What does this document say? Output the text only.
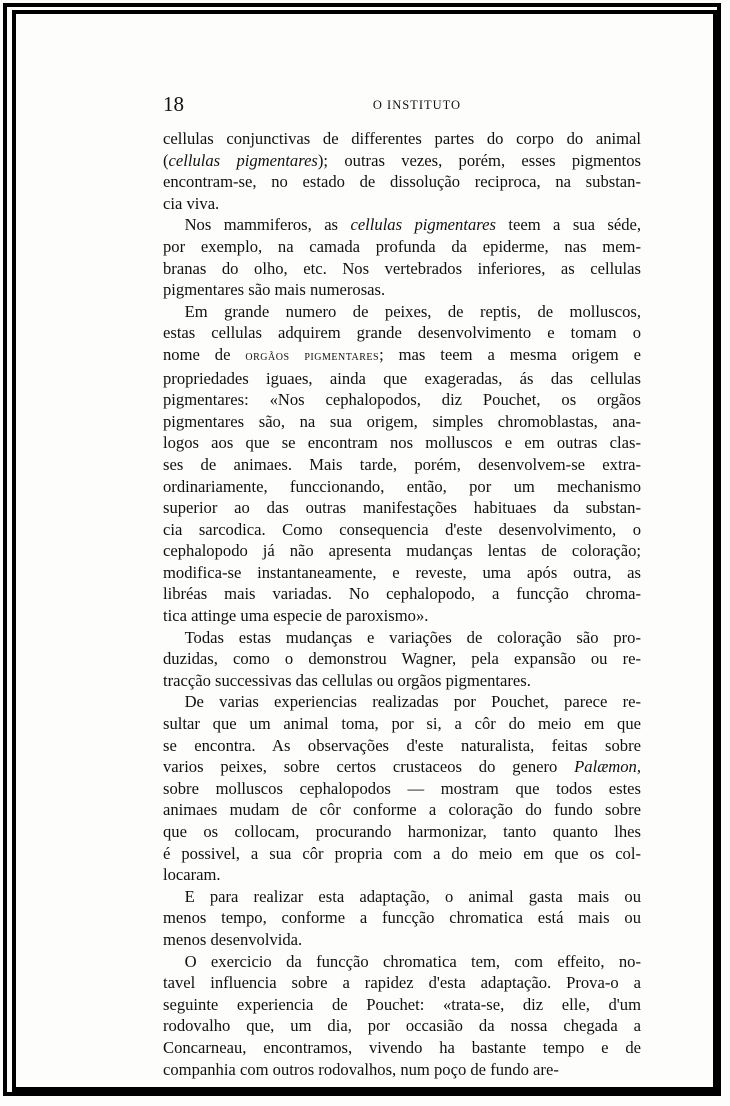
18	O INSTITUTO

cellulas conjunctivas de differentes partes do corpo do animal
(cellulas pigmentares); outras vezes, porém, esses pigmentos
encontram-se, no estado de dissolução reciproca, na substan-
cia viva.

Nos mammiferos, as cellulas pigmentares teem a sua séde,
por exemplo, na camada profunda da epiderme, nas mem-
branas do olho, etc. Nos vertebrados inferiores, as cellulas
pigmentares são mais numerosas.

Em grande numero de peixes, de reptis, de molluscos,
estas cellulas adquirem grande desenvolvimento e tomam o
nome de orgãos pigmentares; mas teem a mesma origem e
propriedades iguaes, ainda que exageradas, ás das cellulas
pigmentares: «Nos cephalopodos, diz Pouchet, os orgãos
pigmentares são, na sua origem, simples chromoblastas, ana-
logos aos que se encontram nos molluscos e em outras clas-
ses de animaes. Mais tarde, porém, desenvolvem-se extra-
ordinariamente, funccionando, então, por um mechanismo
superior ao das outras manifestações habituaes da substan-
cia sarcodica. Como consequencia d'este desenvolvimento, o
cephalopodo já não apresenta mudanças lentas de coloração;
modifica-se instantaneamente, e reveste, uma após outra, as
libréas mais variadas. No cephalopodo, a funcção chroma-
tica attinge uma especie de paroxismo».

Todas estas mudanças e variações de coloração são pro-
duzidas, como o demonstrou Wagner, pela expansão ou re-
tracção successivas das cellulas ou orgãos pigmentares.

De varias experiencias realizadas por Pouchet, parece re-
sultar que um animal toma, por si, a côr do meio em que
se encontra. As observações d'este naturalista, feitas sobre
varios peixes, sobre certos crustaceos do genero Palæmon,
sobre molluscos cephalopodos — mostram que todos estes
animaes mudam de côr conforme a coloração do fundo sobre
que os collocam, procurando harmonizar, tanto quanto lhes
é possivel, a sua côr propria com a do meio em que os col-
locaram.

E para realizar esta adaptação, o animal gasta mais ou
menos tempo, conforme a funcção chromatica está mais ou
menos desenvolvida.

O exercicio da funcção chromatica tem, com effeito, no-
tavel influencia sobre a rapidez d'esta adaptação. Prova-o a
seguinte experiencia de Pouchet: «trata-se, diz elle, d'um
rodovalho que, um dia, por occasião da nossa chegada a
Concarneau, encontramos, vivendo ha bastante tempo e de
companhia com outros rodovalhos, num poço de fundo are-
